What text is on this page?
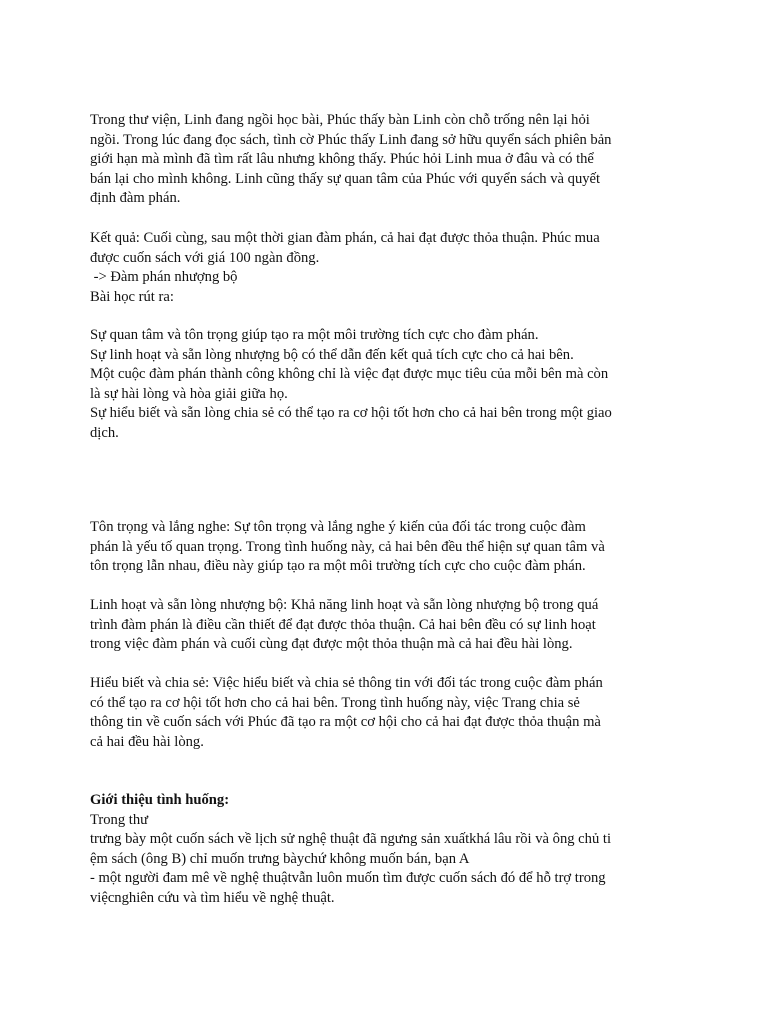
Trong thư viện, Linh đang ngồi học bài, Phúc thấy bàn Linh còn chỗ trống nên lại hỏi
ngồi. Trong lúc đang đọc sách, tình cờ Phúc thấy Linh đang sở hữu quyển sách phiên bản
giới hạn mà mình đã tìm rất lâu nhưng không thấy. Phúc hỏi Linh mua ở đâu và có thể
bán lại cho mình không. Linh cũng thấy sự quan tâm của Phúc với quyển sách và quyết
định đàm phán.
Kết quả: Cuối cùng, sau một thời gian đàm phán, cả hai đạt được thỏa thuận. Phúc mua
được cuốn sách với giá 100 ngàn đồng.
-> Đàm phán nhượng bộ
Bài học rút ra:
Sự quan tâm và tôn trọng giúp tạo ra một môi trường tích cực cho đàm phán.
Sự linh hoạt và sẵn lòng nhượng bộ có thể dẫn đến kết quả tích cực cho cả hai bên.
Một cuộc đàm phán thành công không chỉ là việc đạt được mục tiêu của mỗi bên mà còn
là sự hài lòng và hòa giải giữa họ.
Sự hiểu biết và sẵn lòng chia sẻ có thể tạo ra cơ hội tốt hơn cho cả hai bên trong một giao
dịch.
Tôn trọng và lắng nghe: Sự tôn trọng và lắng nghe ý kiến của đối tác trong cuộc đàm
phán là yếu tố quan trọng. Trong tình huống này, cả hai bên đều thể hiện sự quan tâm và
tôn trọng lẫn nhau, điều này giúp tạo ra một môi trường tích cực cho cuộc đàm phán.
Linh hoạt và sẵn lòng nhượng bộ: Khả năng linh hoạt và sẵn lòng nhượng bộ trong quá
trình đàm phán là điều cần thiết để đạt được thỏa thuận. Cả hai bên đều có sự linh hoạt
trong việc đàm phán và cuối cùng đạt được một thỏa thuận mà cả hai đều hài lòng.
Hiểu biết và chia sẻ: Việc hiểu biết và chia sẻ thông tin với đối tác trong cuộc đàm phán
có thể tạo ra cơ hội tốt hơn cho cả hai bên. Trong tình huống này, việc Trang chia sẻ
thông tin về cuốn sách với Phúc đã tạo ra một cơ hội cho cả hai đạt được thỏa thuận mà
cả hai đều hài lòng.
Giới thiệu tình huống:
Trong thư
trưng bày một cuốn sách về lịch sử nghệ thuật đã ngưng sản xuấtkhá lâu rồi và ông chủ ti
ệm sách (ông B) chỉ muốn trưng bàychứ không muốn bán, bạn A
- một người đam mê về nghệ thuậtvẫn luôn muốn tìm được cuốn sách đó để hỗ trợ trong
việcnghiên cứu và tìm hiểu về nghệ thuật.
